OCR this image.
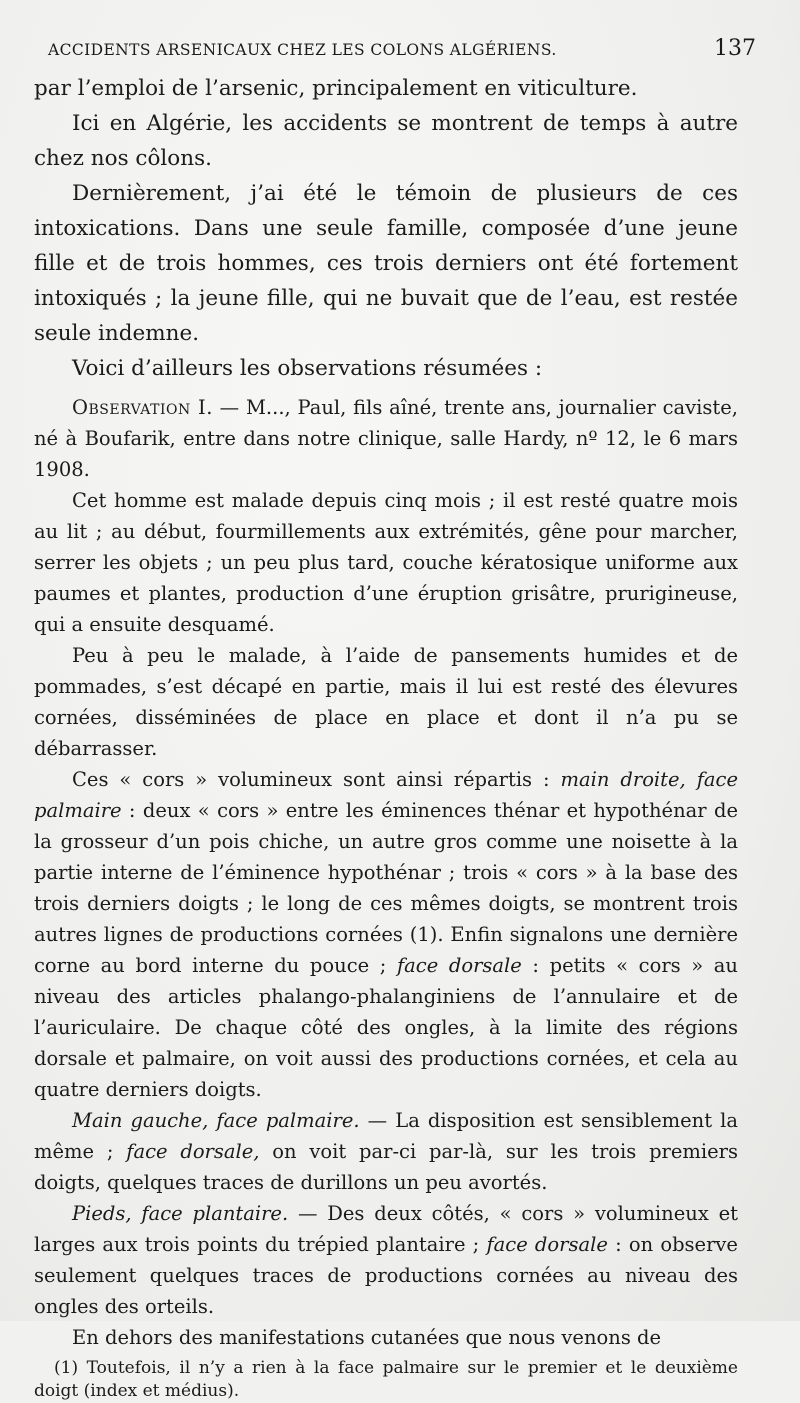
ACCIDENTS ARSENICAUX CHEZ LES COLONS ALGÉRIENS.	137

par l’emploi de l’arsenic, principalement en viticulture.

Ici en Algérie, les accidents se montrent de temps à autre chez nos côlons.

Dernièrement, j’ai été le témoin de plusieurs de ces intoxications. Dans une seule famille, composée d’une jeune fille et de trois hommes, ces trois derniers ont été fortement intoxiqués ; la jeune fille, qui ne buvait que de l’eau, est restée seule indemne.

Voici d’ailleurs les observations résumées :

Observation I. — M..., Paul, fils aîné, trente ans, journalier caviste, né à Boufarik, entre dans notre clinique, salle Hardy, nº 12, le 6 mars 1908.

Cet homme est malade depuis cinq mois ; il est resté quatre mois au lit ; au début, fourmillements aux extrémités, gêne pour marcher, serrer les objets ; un peu plus tard, couche kératosique uniforme aux paumes et plantes, production d’une éruption grisâtre, prurigineuse, qui a ensuite desquamé.

Peu à peu le malade, à l’aide de pansements humides et de pommades, s’est décapé en partie, mais il lui est resté des élevures cornées, disséminées de place en place et dont il n’a pu se débarrasser.

Ces « cors » volumineux sont ainsi répartis : main droite, face palmaire : deux « cors » entre les éminences thénar et hypothénar de la grosseur d’un pois chiche, un autre gros comme une noisette à la partie interne de l’éminence hypothénar ; trois « cors » à la base des trois derniers doigts ; le long de ces mêmes doigts, se montrent trois autres lignes de productions cornées (1). Enfin signalons une dernière corne au bord interne du pouce ; face dorsale : petits « cors » au niveau des articles phalango-phalanginiens de l’annulaire et de l’auriculaire. De chaque côté des ongles, à la limite des régions dorsale et palmaire, on voit aussi des productions cornées, et cela au quatre derniers doigts.

Main gauche, face palmaire. — La disposition est sensiblement la même ; face dorsale, on voit par-ci par-là, sur les trois premiers doigts, quelques traces de durillons un peu avortés.

Pieds, face plantaire. — Des deux côtés, « cors » volumineux et larges aux trois points du trépied plantaire ; face dorsale : on observe seulement quelques traces de productions cornées au niveau des ongles des orteils.

En dehors des manifestations cutanées que nous venons de

(1) Toutefois, il n’y a rien à la face palmaire sur le premier et le deuxième doigt (index et médius).
